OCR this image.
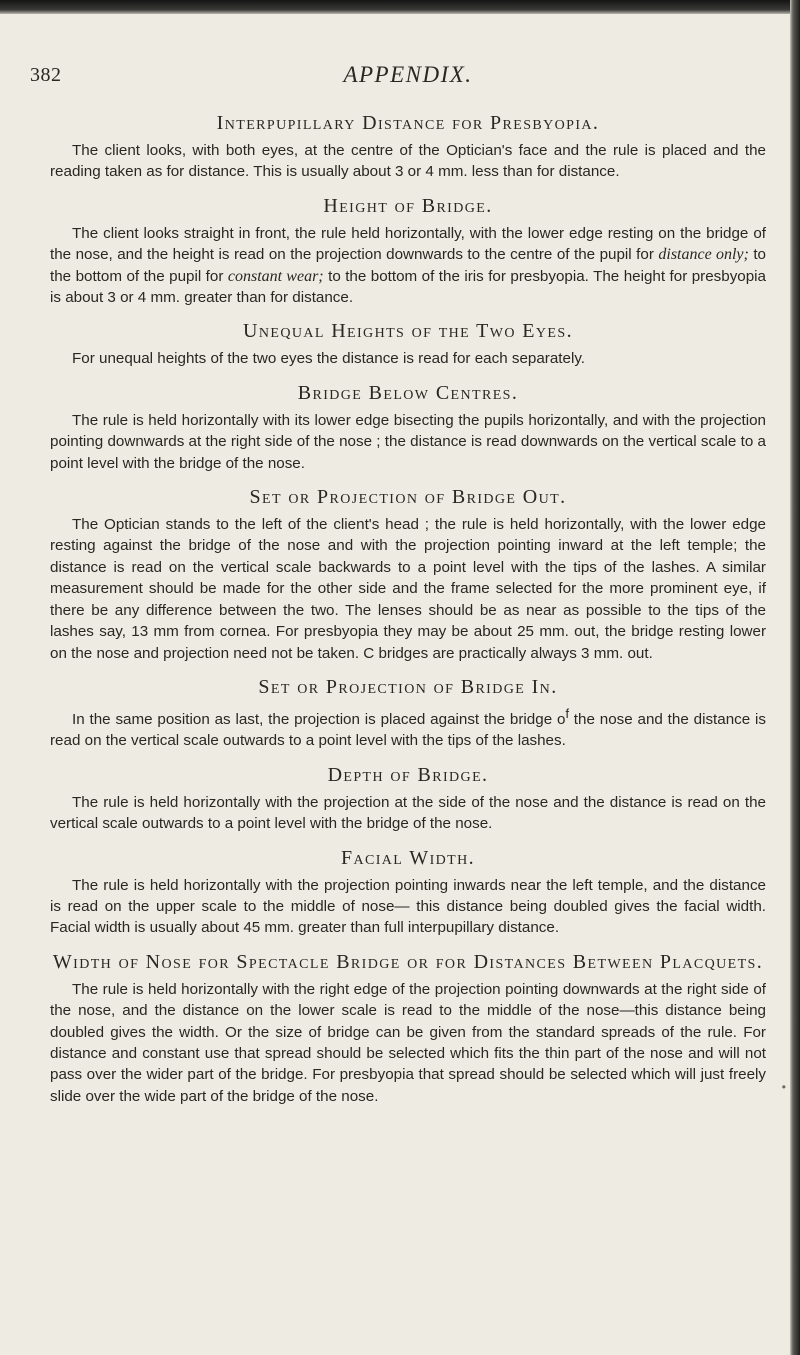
382	APPENDIX.
Interpupillary Distance for Presbyopia.

The client looks, with both eyes, at the centre of the Optician's face and the rule is placed and the reading taken as for distance. This is usually about 3 or 4 mm. less than for distance.

Height of Bridge.

The client looks straight in front, the rule held horizontally, with the lower edge resting on the bridge of the nose, and the height is read on the projection downwards to the centre of the pupil for distance only; to the bottom of the pupil for constant wear; to the bottom of the iris for presbyopia. The height for presbyopia is about 3 or 4 mm. greater than for distance.

Unequal Heights of the Two Eyes.

For unequal heights of the two eyes the distance is read for each separately.

Bridge Below Centres.

The rule is held horizontally with its lower edge bisecting the pupils horizontally, and with the projection pointing downwards at the right side of the nose ; the distance is read downwards on the vertical scale to a point level with the bridge of the nose.

Set or Projection of Bridge Out.

The Optician stands to the left of the client's head ; the rule is held horizontally, with the lower edge resting against the bridge of the nose and with the projection pointing inward at the left temple; the distance is read on the vertical scale backwards to a point level with the tips of the lashes. A similar measurement should be made for the other side and the frame selected for the more prominent eye, if there be any difference between the two. The lenses should be as near as possible to the tips of the lashes say, 13 mm from cornea. For presbyopia they may be about 25 mm. out, the bridge resting lower on the nose and projection need not be taken. C bridges are practically always 3 mm. out.

Set or Projection of Bridge In.

In the same position as last, the projection is placed against the bridge $o^f$ the nose and the distance is read on the vertical scale outwards to a point level with the tips of the lashes.

Depth of Bridge.

The rule is held horizontally with the projection at the side of the nose and the distance is read on the vertical scale outwards to a point level with the bridge of the nose.

Facial Width.

The rule is held horizontally with the projection pointing inwards near the left temple, and the distance is read on the upper scale to the middle of nose— this distance being doubled gives the facial width. Facial width is usually about 45 mm. greater than full interpupillary distance.

Width of Nose for Spectacle Bridge or for Distances Between Placquets.

The rule is held horizontally with the right edge of the projection pointing downwards at the right side of the nose, and the distance on the lower scale is read to the middle of the nose—this distance being doubled gives the width. Or the size of bridge can be given from the standard spreads of the rule. For distance and constant use that spread should be selected which fits the thin part of the nose and will not pass over the wider part of the bridge. For presbyopia that spread should be selected which will just freely slide over the wide part of the bridge of the nose.

•
